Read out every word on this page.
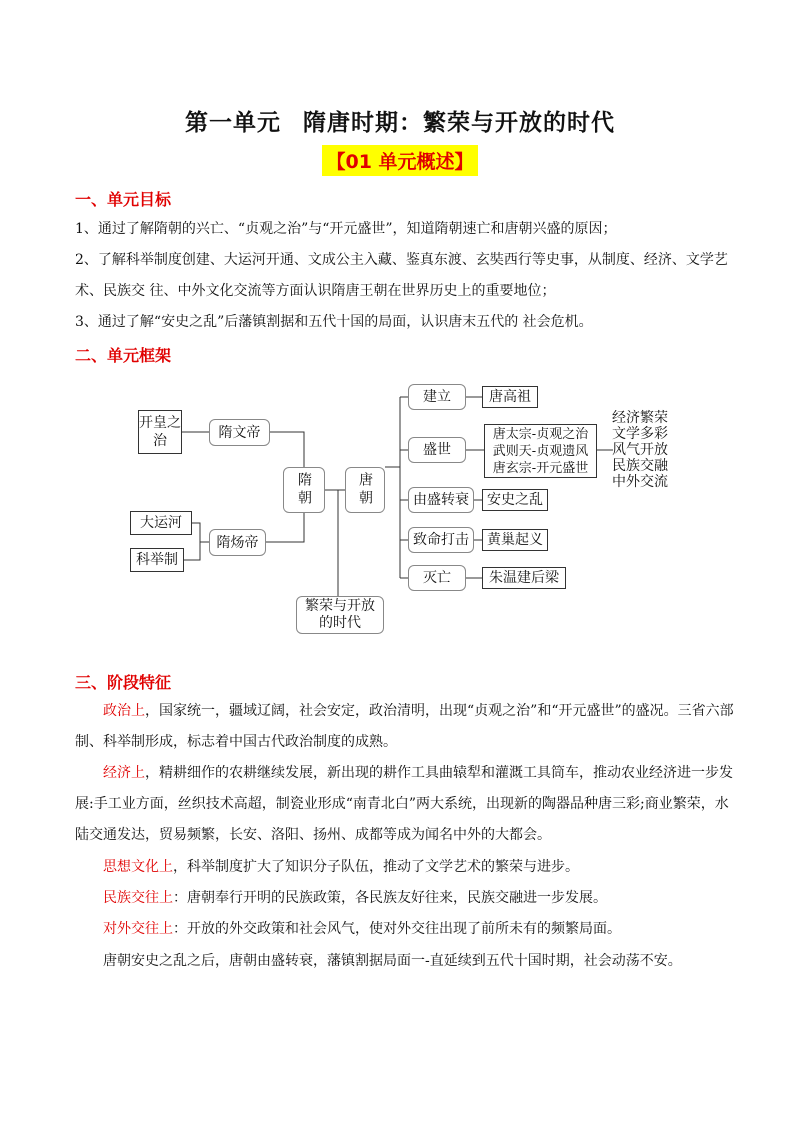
第一单元 隋唐时期：繁荣与开放的时代
【01 单元概述】
一、单元目标
1、通过了解隋朝的兴亡、“贞观之治”与“开元盛世”，知道隋朝速亡和唐朝兴盛的原因；
2、了解科举制度创建、大运河开通、文成公主入藏、鉴真东渡、玄奘西行等史事，从制度、经济、文学艺术、民族交 往、中外文化交流等方面认识隋唐王朝在世界历史上的重要地位；
3、通过了解“安史之乱”后藩镇割据和五代十国的局面，认识唐末五代的 社会危机。
二、单元框架
开皇之治
隋文帝
大运河
科举制
隋炀帝
隋朝	唐朝
繁荣与开放的时代
建立	唐高祖
盛世
唐太宗-贞观之治
武则天-贞观遗风
唐玄宗-开元盛世
由盛转衰	安史之乱
致命打击	黄巢起义
灭亡	朱温建后梁
经济繁荣
文学多彩
风气开放
民族交融
中外交流
三、阶段特征
政治上，国家统一，疆域辽阔，社会安定，政治清明，出现“贞观之治”和“开元盛世”的盛况。三省六部制、科举制形成，标志着中国古代政治制度的成熟。
经济上，精耕细作的农耕继续发展，新出现的耕作工具曲辕犁和灌溉工具筒车，推动农业经济进一步发展:手工业方面，丝织技术高超，制瓷业形成“南青北白”两大系统，出现新的陶器品种唐三彩;商业繁荣，水陆交通发达，贸易频繁，长安、洛阳、扬州、成都等成为闻名中外的大都会。
思想文化上，科举制度扩大了知识分子队伍，推动了文学艺术的繁荣与进步。
民族交往上：唐朝奉行开明的民族政策，各民族友好往来，民族交融进一步发展。
对外交往上：开放的外交政策和社会风气，使对外交往出现了前所未有的频繁局面。
唐朝安史之乱之后，唐朝由盛转衰，藩镇割据局面一-直延续到五代十国时期，社会动荡不安。
